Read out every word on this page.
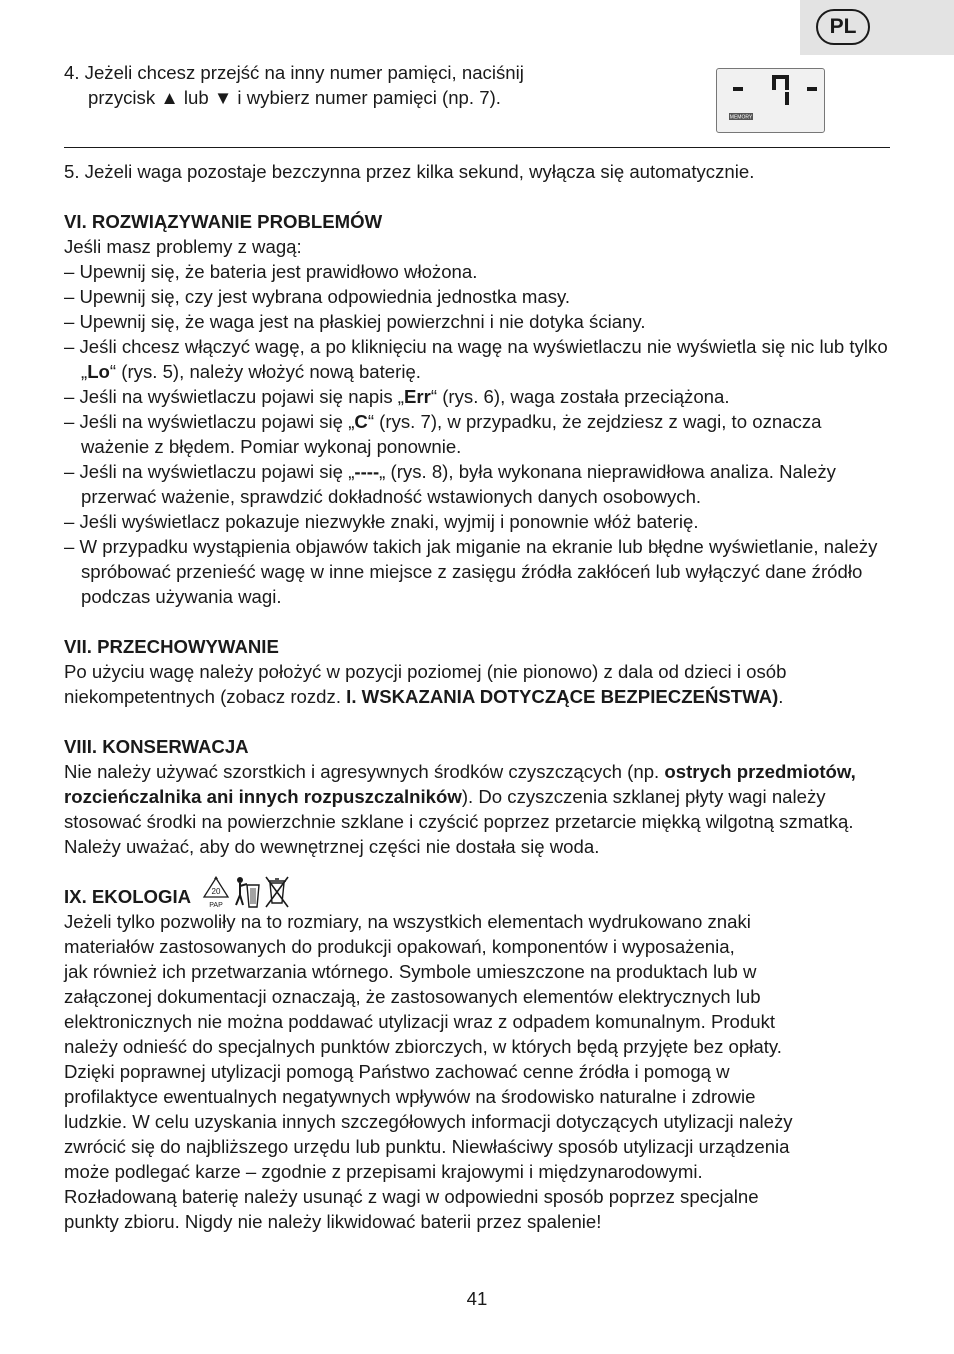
PL

4. Jeżeli chcesz przejść na inny numer pamięci, naciśnij

przycisk ▲ lub ▼ i wybierz numer pamięci (np. 7).

MEMORY

5. Jeżeli waga pozostaje bezczynna przez kilka sekund, wyłącza się automatycznie.

VI. ROZWIĄZYWANIE PROBLEMÓW

Jeśli masz problemy z wagą:

– Upewnij się, że bateria jest prawidłowo włożona.
– Upewnij się, czy jest wybrana odpowiednia jednostka masy.
– Upewnij się, że waga jest na płaskiej powierzchni i nie dotyka ściany.
– Jeśli chcesz włączyć wagę, a po kliknięciu na wagę na wyświetlaczu nie wyświetla się nic lub tylko „Lo“ (rys. 5), należy włożyć nową baterię.
– Jeśli na wyświetlaczu pojawi się napis „Err“ (rys. 6), waga została przeciążona.
– Jeśli na wyświetlaczu pojawi się „C“ (rys. 7), w przypadku, że zejdziesz z wagi, to oznacza ważenie z błędem. Pomiar wykonaj ponownie.
– Jeśli na wyświetlaczu pojawi się „----„ (rys. 8), była wykonana nieprawidłowa analiza. Należy przerwać ważenie, sprawdzić dokładność wstawionych danych osobowych.
– Jeśli wyświetlacz pokazuje niezwykłe znaki, wyjmij i ponownie włóż baterię.
– W przypadku wystąpienia objawów takich jak miganie na ekranie lub błędne wyświetlanie, należy spróbować przenieść wagę w inne miejsce z zasięgu źródła zakłóceń lub wyłączyć dane źródło podczas używania wagi.
VII. PRZECHOWYWANIE

Po użyciu wagę należy położyć w pozycji poziomej (nie pionowo) z dala od dzieci i osób niekompetentnych (zobacz rozdz. I. WSKAZANIA DOTYCZĄCE BEZPIECZEŃSTWA).

VIII. KONSERWACJA

Nie należy używać szorstkich i agresywnych środków czyszczących (np. ostrych przedmiotów, rozcieńczalnika ani innych rozpuszczalników). Do czyszczenia szklanej płyty wagi należy stosować środki na powierzchnie szklane i czyścić poprzez przetarcie miękką wilgotną szmatką. Należy uważać, aby do wewnętrznej części nie dostała się woda.

IX. EKOLOGIA	20
PAP

Jeżeli tylko pozwoliły na to rozmiary, na wszystkich elementach wydrukowano znaki

materiałów zastosowanych do produkcji opakowań, komponentów i wyposażenia,

jak również ich przetwarzania wtórnego. Symbole umieszczone na produktach lub w

załączonej dokumentacji oznaczają, że zastosowanych elementów elektrycznych lub

elektronicznych nie można poddawać utylizacji wraz z odpadem komunalnym. Produkt

należy odnieść do specjalnych punktów zbiorczych, w których będą przyjęte bez opłaty.

Dzięki poprawnej utylizacji pomogą Państwo zachować cenne źródła i pomogą w

profilaktyce ewentualnych negatywnych wpływów na środowisko naturalne i zdrowie

ludzkie. W celu uzyskania innych szczegółowych informacji dotyczących utylizacji należy

zwrócić się do najbliższego urzędu lub punktu. Niewłaściwy sposób utylizacji urządzenia

może podlegać karze – zgodnie z przepisami krajowymi i międzynarodowymi.

Rozładowaną baterię należy usunąć z wagi w odpowiedni sposób poprzez specjalne

punkty zbioru. Nigdy nie należy likwidować baterii przez spalenie!

41
